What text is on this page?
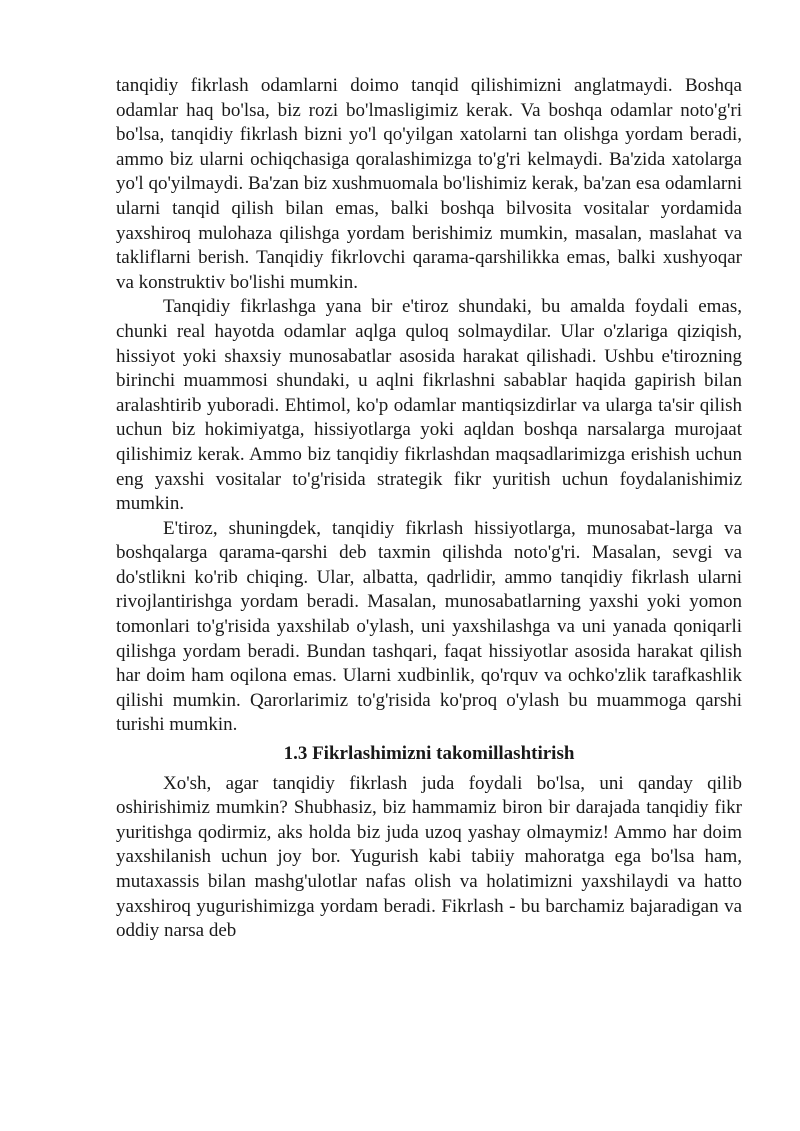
tanqidiy fikrlash odamlarni doimo tanqid qilishimizni anglatmaydi. Boshqa odamlar haq bo'lsa, biz rozi bo'lmasligimiz kerak. Va boshqa odamlar noto'g'ri bo'lsa, tanqidiy fikrlash bizni yo'l qo'yilgan xatolarni tan olishga yordam beradi, ammo biz ularni ochiqchasiga qoralashimizga to'g'ri kelmaydi. Ba'zida xatolarga yo'l qo'yilmaydi. Ba'zan biz xushmuomala bo'lishimiz kerak, ba'zan esa odamlarni ularni tanqid qilish bilan emas, balki boshqa bilvosita vositalar yordamida yaxshiroq mulohaza qilishga yordam berishimiz mumkin, masalan, maslahat va takliflarni berish. Tanqidiy fikrlovchi qarama-qarshilikka emas, balki xushyoqar va konstruktiv bo'lishi mumkin.

Tanqidiy fikrlashga yana bir e'tiroz shundaki, bu amalda foydali emas, chunki real hayotda odamlar aqlga quloq solmaydilar. Ular o'zlariga qiziqish, hissiyot yoki shaxsiy munosabatlar asosida harakat qilishadi. Ushbu e'tirozning birinchi muammosi shundaki, u aqlni fikrlashni sabablar haqida gapirish bilan aralashtirib yuboradi. Ehtimol, ko'p odamlar mantiqsizdirlar va ularga ta'sir qilish uchun biz hokimiyatga, hissiyotlarga yoki aqldan boshqa narsalarga murojaat qilishimiz kerak. Ammo biz tanqidiy fikrlashdan maqsadlarimizga erishish uchun eng yaxshi vositalar to'g'risida strategik fikr yuritish uchun foydalanishimiz mumkin.

E'tiroz, shuningdek, tanqidiy fikrlash hissiyotlarga, munosabat-larga va boshqalarga qarama-qarshi deb taxmin qilishda noto'g'ri. Masalan, sevgi va do'stlikni ko'rib chiqing. Ular, albatta, qadrlidir, ammo tanqidiy fikrlash ularni rivojlantirishga yordam beradi. Masalan, munosabatlarning yaxshi yoki yomon tomonlari to'g'risida yaxshilab o'ylash, uni yaxshilashga va uni yanada qoniqarli qilishga yordam beradi. Bundan tashqari, faqat hissiyotlar asosida harakat qilish har doim ham oqilona emas. Ularni xudbinlik, qo'rquv va ochko'zlik tarafkashlik qilishi mumkin. Qarorlarimiz to'g'risida ko'proq o'ylash bu muammoga qarshi turishi mumkin.

1.3 Fikrlashimizni takomillashtirish

Xo'sh, agar tanqidiy fikrlash juda foydali bo'lsa, uni qanday qilib oshirishimiz mumkin? Shubhasiz, biz hammamiz biron bir darajada tanqidiy fikr yuritishga qodirmiz, aks holda biz juda uzoq yashay olmaymiz! Ammo har doim yaxshilanish uchun joy bor. Yugurish kabi tabiiy mahoratga ega bo'lsa ham, mutaxassis bilan mashg'ulotlar nafas olish va holatimizni yaxshilaydi va hatto yaxshiroq yugurishimizga yordam beradi. Fikrlash - bu barchamiz bajaradigan va oddiy narsa deb
